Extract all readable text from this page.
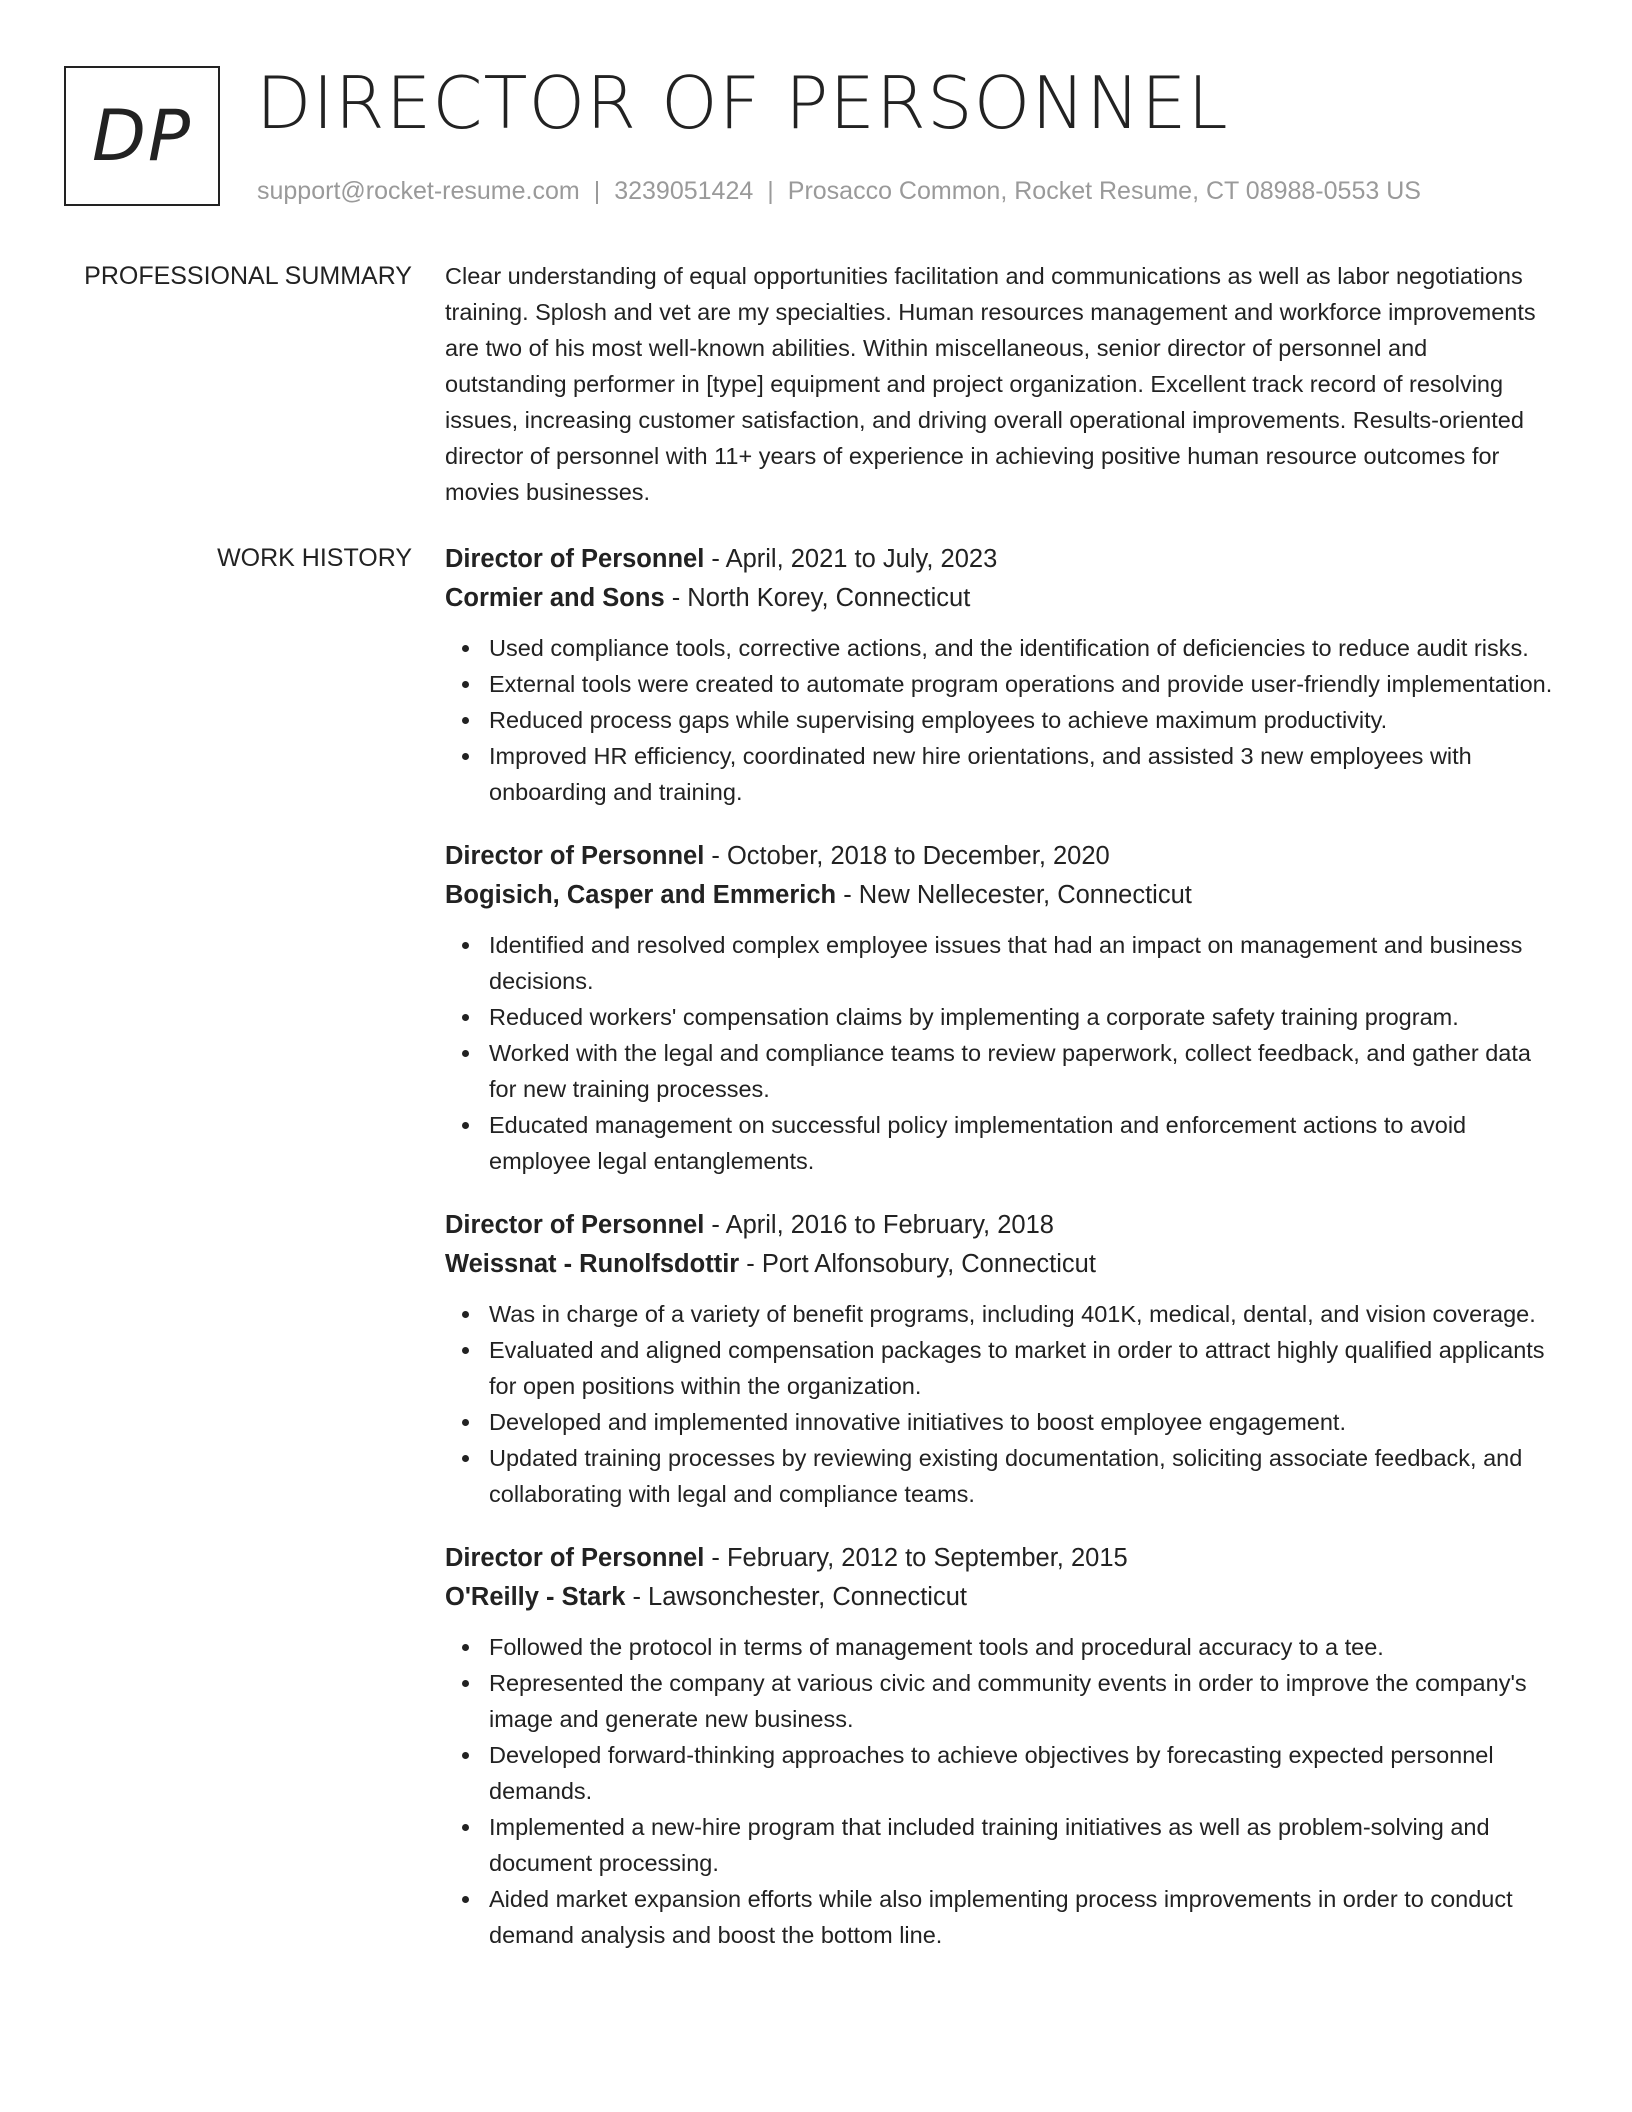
DP DIRECTOR OF PERSONNEL
support@rocket-resume.com | 3239051424 | Prosacco Common, Rocket Resume, CT 08988-0553 US
PROFESSIONAL SUMMARY Clear understanding of equal opportunities facilitation and communications as well as labor negotiations training. Splosh and vet are my specialties. Human resources management and workforce improvements are two of his most well-known abilities. Within miscellaneous, senior director of personnel and outstanding performer in [type] equipment and project organization. Excellent track record of resolving issues, increasing customer satisfaction, and driving overall operational improvements. Results-oriented director of personnel with 11+ years of experience in achieving positive human resource outcomes for movies businesses.

WORK HISTORY Director of Personnel - April, 2021 to July, 2023
Cormier and Sons - North Korey, Connecticut
Used compliance tools, corrective actions, and the identification of deficiencies to reduce audit risks.
External tools were created to automate program operations and provide user-friendly implementation.
Reduced process gaps while supervising employees to achieve maximum productivity.
Improved HR efficiency, coordinated new hire orientations, and assisted 3 new employees with onboarding and training.
Director of Personnel - October, 2018 to December, 2020
Bogisich, Casper and Emmerich - New Nellecester, Connecticut
Identified and resolved complex employee issues that had an impact on management and business decisions.
Reduced workers' compensation claims by implementing a corporate safety training program.
Worked with the legal and compliance teams to review paperwork, collect feedback, and gather data for new training processes.
Educated management on successful policy implementation and enforcement actions to avoid employee legal entanglements.
Director of Personnel - April, 2016 to February, 2018
Weissnat - Runolfsdottir - Port Alfonsobury, Connecticut
Was in charge of a variety of benefit programs, including 401K, medical, dental, and vision coverage.
Evaluated and aligned compensation packages to market in order to attract highly qualified applicants for open positions within the organization.
Developed and implemented innovative initiatives to boost employee engagement.
Updated training processes by reviewing existing documentation, soliciting associate feedback, and collaborating with legal and compliance teams.
Director of Personnel - February, 2012 to September, 2015
O'Reilly - Stark - Lawsonchester, Connecticut
Followed the protocol in terms of management tools and procedural accuracy to a tee.
Represented the company at various civic and community events in order to improve the company's image and generate new business.
Developed forward-thinking approaches to achieve objectives by forecasting expected personnel demands.
Implemented a new-hire program that included training initiatives as well as problem-solving and document processing.
Aided market expansion efforts while also implementing process improvements in order to conduct demand analysis and boost the bottom line.
